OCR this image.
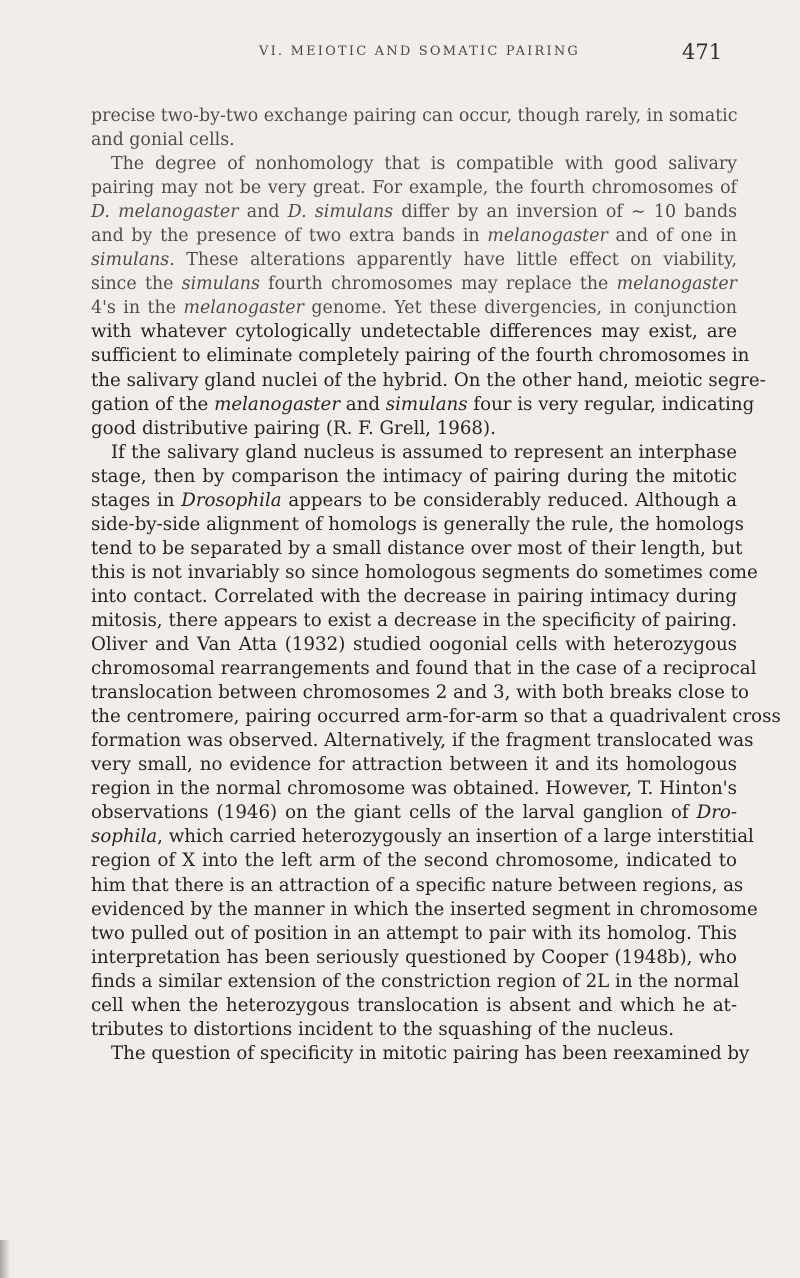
VI. MEIOTIC AND SOMATIC PAIRING	471
precise two-by-two exchange pairing can occur, though rarely, in somatic
and gonial cells.
The degree of nonhomology that is compatible with good salivary
pairing may not be very great. For example, the fourth chromosomes of
D. melanogaster and D. simulans differ by an inversion of ∼ 10 bands
and by the presence of two extra bands in melanogaster and of one in
simulans. These alterations apparently have little effect on viability,
since the simulans fourth chromosomes may replace the melanogaster
4's in the melanogaster genome. Yet these divergencies, in conjunction
with whatever cytologically undetectable differences may exist, are
sufficient to eliminate completely pairing of the fourth chromosomes in
the salivary gland nuclei of the hybrid. On the other hand, meiotic segre-
gation of the melanogaster and simulans four is very regular, indicating
good distributive pairing (R. F. Grell, 1968).
If the salivary gland nucleus is assumed to represent an interphase
stage, then by comparison the intimacy of pairing during the mitotic
stages in Drosophila appears to be considerably reduced. Although a
side-by-side alignment of homologs is generally the rule, the homologs
tend to be separated by a small distance over most of their length, but
this is not invariably so since homologous segments do sometimes come
into contact. Correlated with the decrease in pairing intimacy during
mitosis, there appears to exist a decrease in the specificity of pairing.
Oliver and Van Atta (1932) studied oogonial cells with heterozygous
chromosomal rearrangements and found that in the case of a reciprocal
translocation between chromosomes 2 and 3, with both breaks close to
the centromere, pairing occurred arm-for-arm so that a quadrivalent cross
formation was observed. Alternatively, if the fragment translocated was
very small, no evidence for attraction between it and its homologous
region in the normal chromosome was obtained. However, T. Hinton's
observations (1946) on the giant cells of the larval ganglion of Dro-
sophila, which carried heterozygously an insertion of a large interstitial
region of X into the left arm of the second chromosome, indicated to
him that there is an attraction of a specific nature between regions, as
evidenced by the manner in which the inserted segment in chromosome
two pulled out of position in an attempt to pair with its homolog. This
interpretation has been seriously questioned by Cooper (1948b), who
finds a similar extension of the constriction region of 2L in the normal
cell when the heterozygous translocation is absent and which he at-
tributes to distortions incident to the squashing of the nucleus.
The question of specificity in mitotic pairing has been reexamined by
